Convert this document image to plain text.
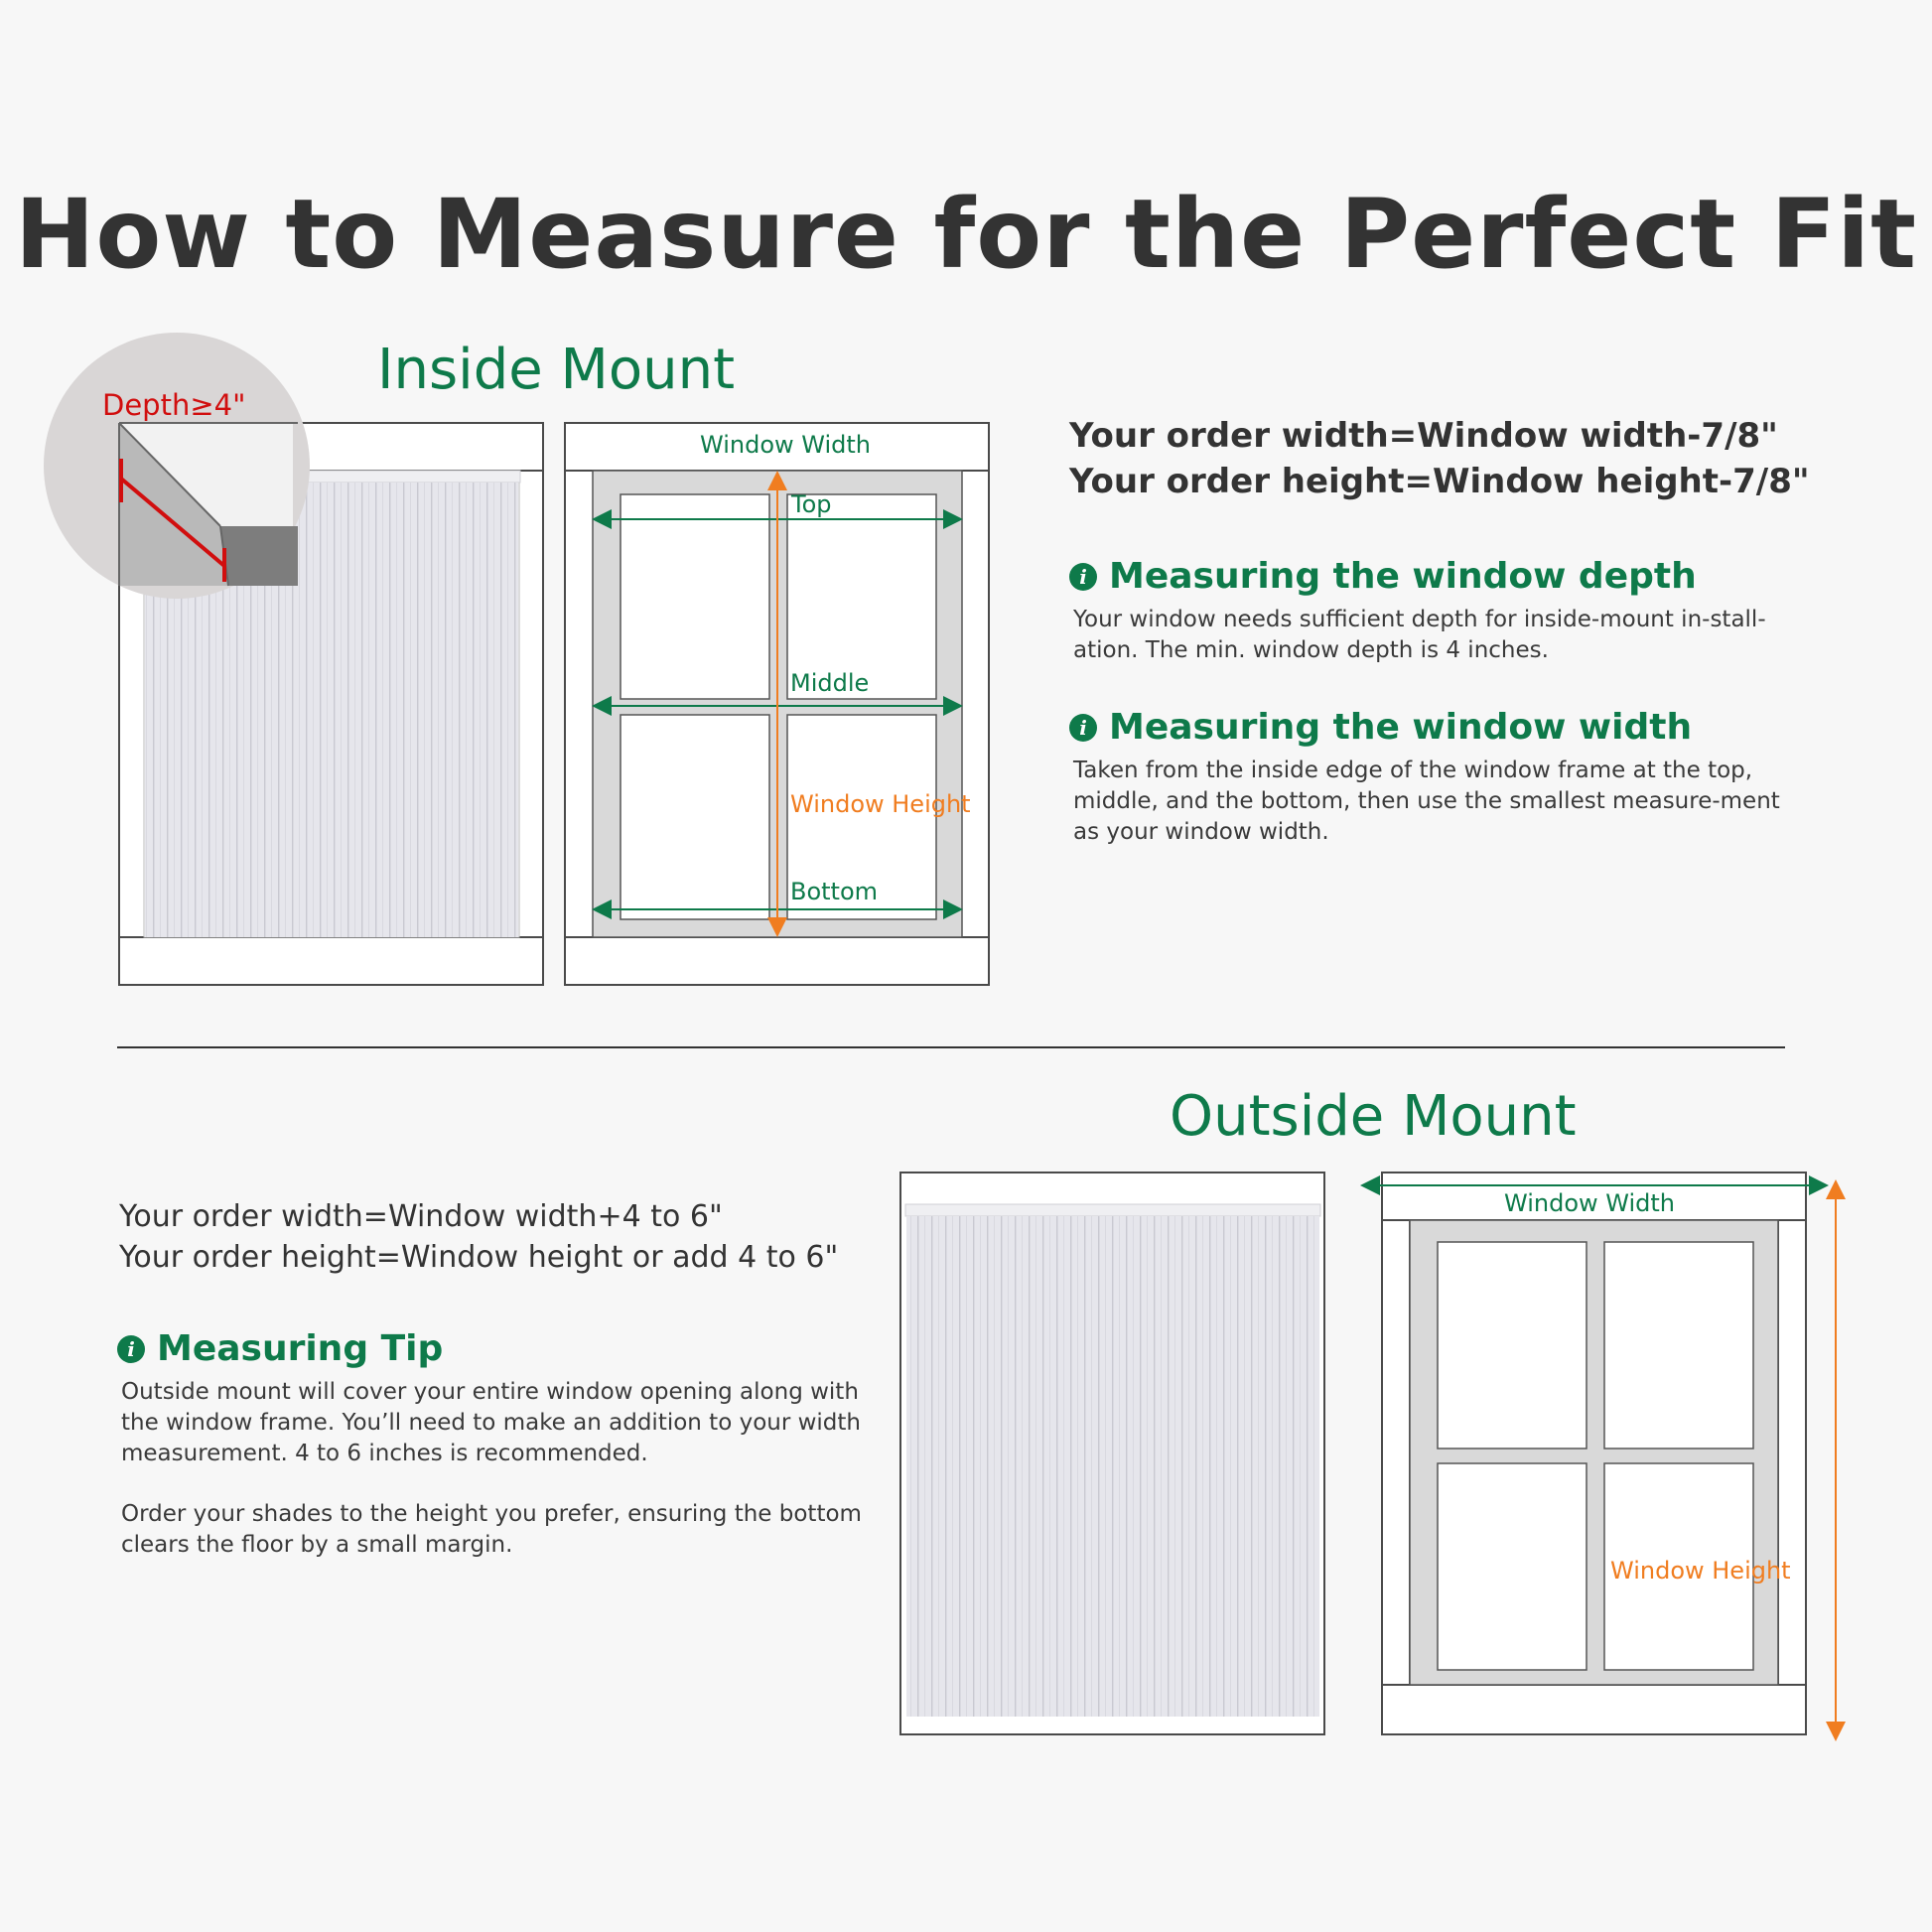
How to Measure for the Perfect Fit
Inside Mount
Depth≥4"
Window Width
Top
Middle
Window Height
Bottom
Window Width
Window Height
Your order width=Window width-7/8"
Your order height=Window height-7/8"
i Measuring the window depth
Your window needs sufficient depth for inside-mount in-stall-ation. The min. window depth is 4 inches.
i Measuring the window width
Taken from the inside edge of the window frame at the top, middle, and the bottom, then use the smallest measure-ment as your window width.
Outside Mount
Your order width=Window width+4 to 6"
Your order height=Window height or add 4 to 6"
i Measuring Tip
Outside mount will cover your entire window opening along with the window frame. You’ll need to make an addition to your width measurement. 4 to 6 inches is recommended.
Order your shades to the height you prefer, ensuring the bottom clears the floor by a small margin.
